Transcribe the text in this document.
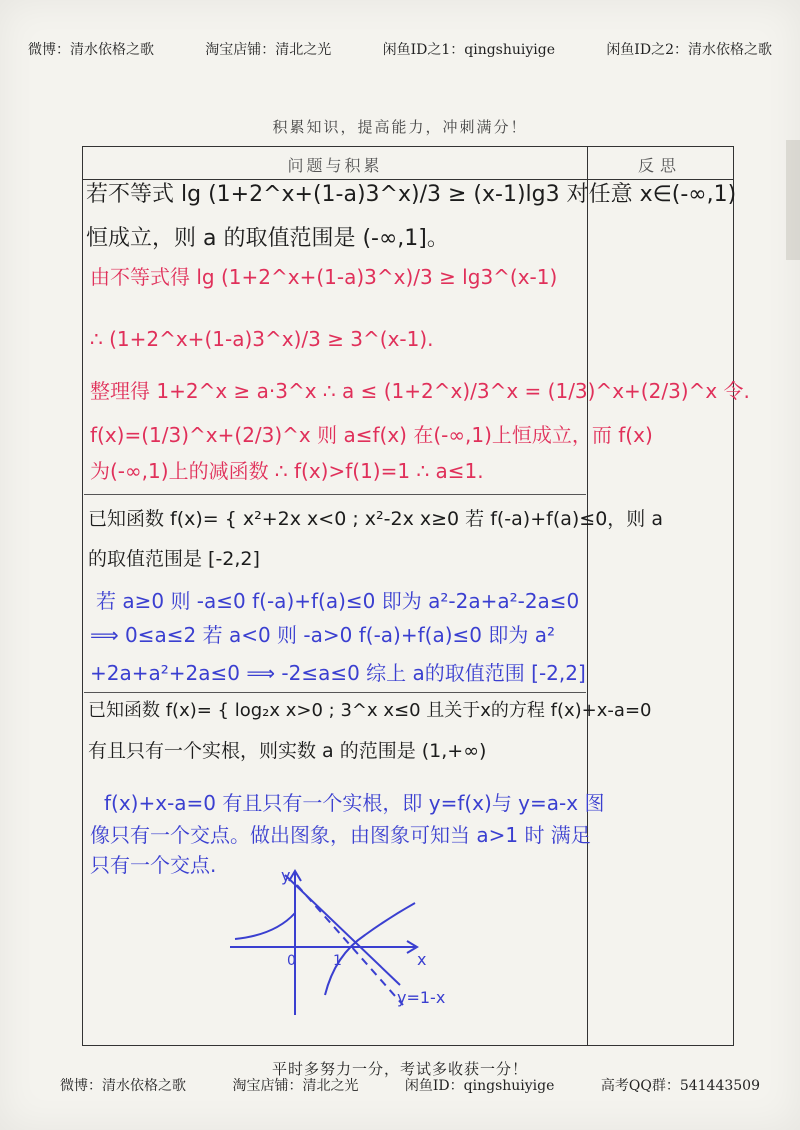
微博：清水依格之歌	淘宝店铺：清北之光	闲鱼ID之1：qingshuiyige	闲鱼ID之2：清水依格之歌
积累知识，提高能力，冲刺满分！
问题与积累	反思
若不等式 lg (1+2^x+(1-a)3^x)/3 ≥ (x-1)lg3 对任意 x∈(-∞,1)
恒成立，则 a 的取值范围是 (-∞,1]。
由不等式得 lg (1+2^x+(1-a)3^x)/3 ≥ lg3^(x-1)
∴ (1+2^x+(1-a)3^x)/3 ≥ 3^(x-1).
整理得 1+2^x ≥ a·3^x ∴ a ≤ (1+2^x)/3^x = (1/3)^x+(2/3)^x 令.
f(x)=(1/3)^x+(2/3)^x 则 a≤f(x) 在(-∞,1)上恒成立，而 f(x)
为(-∞,1)上的减函数 ∴ f(x)>f(1)=1 ∴ a≤1.
已知函数 f(x)= { x²+2x x<0 ; x²-2x x≥0 若 f(-a)+f(a)≤0，则 a
的取值范围是 [-2,2]
若 a≥0 则 -a≤0 f(-a)+f(a)≤0 即为 a²-2a+a²-2a≤0
⟹ 0≤a≤2 若 a<0 则 -a>0 f(-a)+f(a)≤0 即为 a²
+2a+a²+2a≤0 ⟹ -2≤a≤0 综上 a的取值范围 [-2,2]
已知函数 f(x)= { log₂x x>0 ; 3^x x≤0 且关于x的方程 f(x)+x-a=0
有且只有一个实根，则实数 a 的范围是 (1,+∞)
f(x)+x-a=0 有且只有一个实根，即 y=f(x)与 y=a-x 图
像只有一个交点。做出图象，由图象可知当 a>1 时 满足
只有一个交点.	y
x
0	1
y=1-x
平时多努力一分，考试多收获一分！
微博：清水依格之歌	淘宝店铺：清北之光	闲鱼ID：qingshuiyige	高考QQ群：541443509
